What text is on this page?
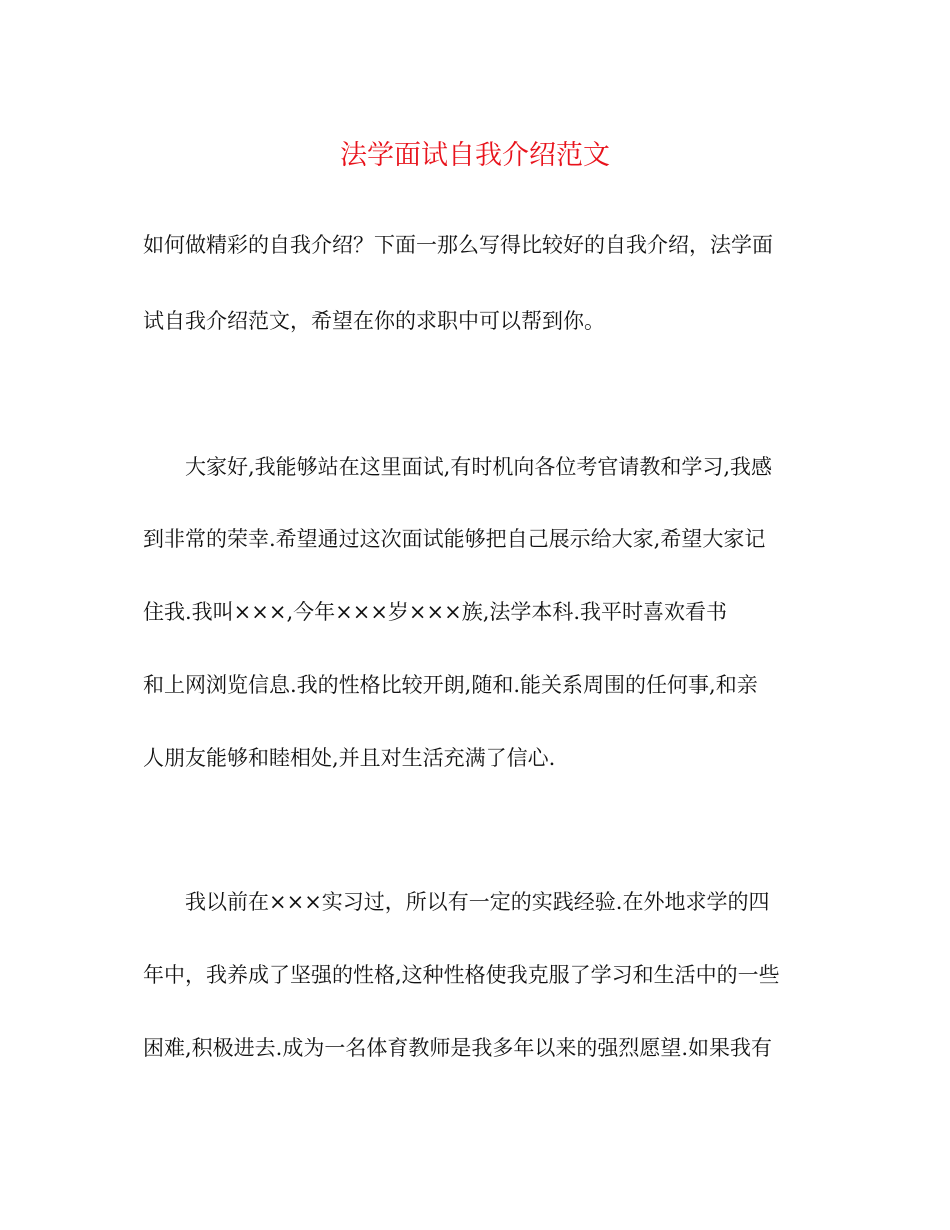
法学面试自我介绍范文
如何做精彩的自我介绍？下面一那么写得比较好的自我介绍，法学面
试自我介绍范文，希望在你的求职中可以帮到你。
大家好,我能够站在这里面试,有时机向各位考官请教和学习,我感
到非常的荣幸.希望通过这次面试能够把自己展示给大家,希望大家记
住我.我叫×××,今年×××岁×××族,法学本科.我平时喜欢看书
和上网浏览信息.我的性格比较开朗,随和.能关系周围的任何事,和亲
人朋友能够和睦相处,并且对生活充满了信心.
我以前在×××实习过，所以有一定的实践经验.在外地求学的四
年中，我养成了坚强的性格,这种性格使我克服了学习和生活中的一些
困难,积极进去.成为一名体育教师是我多年以来的强烈愿望.如果我有
